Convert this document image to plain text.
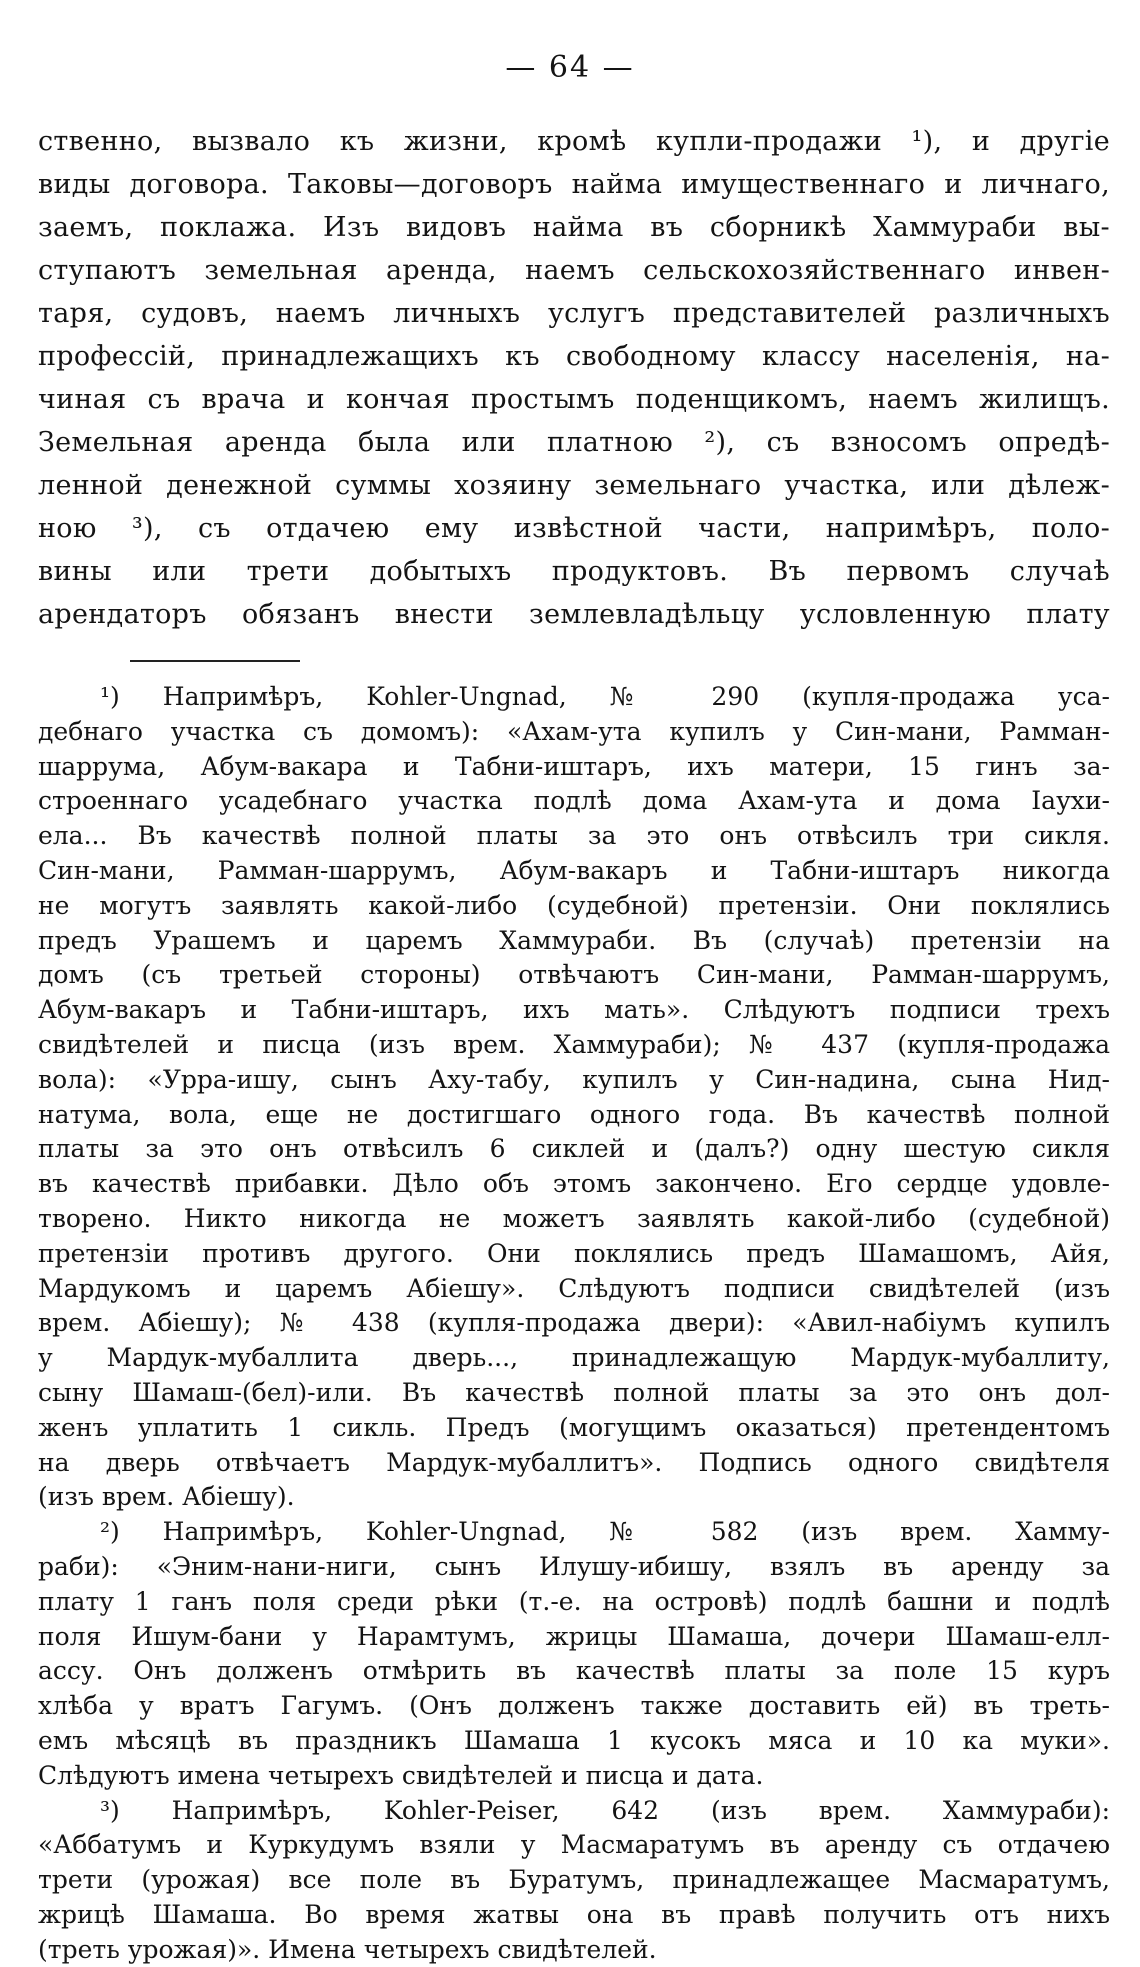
— 64 —
ственно, вызвало къ жизни, кромѣ купли-продажи ¹), и другіе
виды договора. Таковы—договоръ найма имущественнаго и личнаго,
заемъ, поклажа. Изъ видовъ найма въ сборникѣ Хаммураби вы-
ступаютъ земельная аренда, наемъ сельскохозяйственнаго инвен-
таря, судовъ, наемъ личныхъ услугъ представителей различныхъ
профессій, принадлежащихъ къ свободному классу населенія, на-
чиная съ врача и кончая простымъ поденщикомъ, наемъ жилищъ.
Земельная аренда была или платною ²), съ взносомъ опредѣ-
ленной денежной суммы хозяину земельнаго участка, или дѣлеж-
ною ³), съ отдачею ему извѣстной части, напримѣръ, поло-
вины или трети добытыхъ продуктовъ. Въ первомъ случаѣ
арендаторъ обязанъ внести землевладѣльцу условленную плату
¹) Напримѣръ, Kohler-Ungnad, № 290 (купля-продажа уса-
дебнаго участка съ домомъ): «Ахам-ута купилъ у Син-мани, Рамман-
шаррума, Абум-вакара и Табни-иштаръ, ихъ матери, 15 гинъ за-
строеннаго усадебнаго участка подлѣ дома Ахам-ута и дома Іаухи-
ела... Въ качествѣ полной платы за это онъ отвѣсилъ три сикля.
Син-мани, Рамман-шаррумъ, Абум-вакаръ и Табни-иштаръ никогда
не могутъ заявлять какой-либо (судебной) претензіи. Они поклялись
предъ Урашемъ и царемъ Хаммураби. Въ (случаѣ) претензіи на
домъ (съ третьей стороны) отвѣчаютъ Син-мани, Рамман-шаррумъ,
Абум-вакаръ и Табни-иштаръ, ихъ мать». Слѣдуютъ подписи трехъ
свидѣтелей и писца (изъ врем. Хаммураби); № 437 (купля-продажа
вола): «Урра-ишу, сынъ Аху-табу, купилъ у Син-надина, сына Нид-
натума, вола, еще не достигшаго одного года. Въ качествѣ полной
платы за это онъ отвѣсилъ 6 сиклей и (далъ?) одну шестую сикля
въ качествѣ прибавки. Дѣло объ этомъ закончено. Его сердце удовле-
творено. Никто никогда не можетъ заявлять какой-либо (судебной)
претензіи противъ другого. Они поклялись предъ Шамашомъ, Айя,
Мардукомъ и царемъ Абіешу». Слѣдуютъ подписи свидѣтелей (изъ
врем. Абіешу); № 438 (купля-продажа двери): «Авил-набіумъ купилъ
у Мардук-мубаллита дверь..., принадлежащую Мардук-мубаллиту,
сыну Шамаш-(бел)-или. Въ качествѣ полной платы за это онъ дол-
женъ уплатить 1 сикль. Предъ (могущимъ оказаться) претендентомъ
на дверь отвѣчаетъ Мардук-мубаллитъ». Подпись одного свидѣтеля
(изъ врем. Абіешу).
²) Напримѣръ, Kohler-Ungnad, № 582 (изъ врем. Хамму-
раби): «Эним-нани-ниги, сынъ Илушу-ибишу, взялъ въ аренду за
плату 1 ганъ поля среди рѣки (т.-е. на островѣ) подлѣ башни и подлѣ
поля Ишум-бани у Нарамтумъ, жрицы Шамаша, дочери Шамаш-елл-
ассу. Онъ долженъ отмѣрить въ качествѣ платы за поле 15 куръ
хлѣба у вратъ Гагумъ. (Онъ долженъ также доставить ей) въ треть-
емъ мѣсяцѣ въ праздникъ Шамаша 1 кусокъ мяса и 10 ка муки».
Слѣдуютъ имена четырехъ свидѣтелей и писца и дата.
³) Напримѣръ, Kohler-Peiser, 642 (изъ врем. Хаммураби):
«Аббатумъ и Куркудумъ взяли у Масмаратумъ въ аренду съ отдачею
трети (урожая) все поле въ Буратумъ, принадлежащее Масмаратумъ,
жрицѣ Шамаша. Во время жатвы она въ правѣ получить отъ нихъ
(треть урожая)». Имена четырехъ свидѣтелей.
